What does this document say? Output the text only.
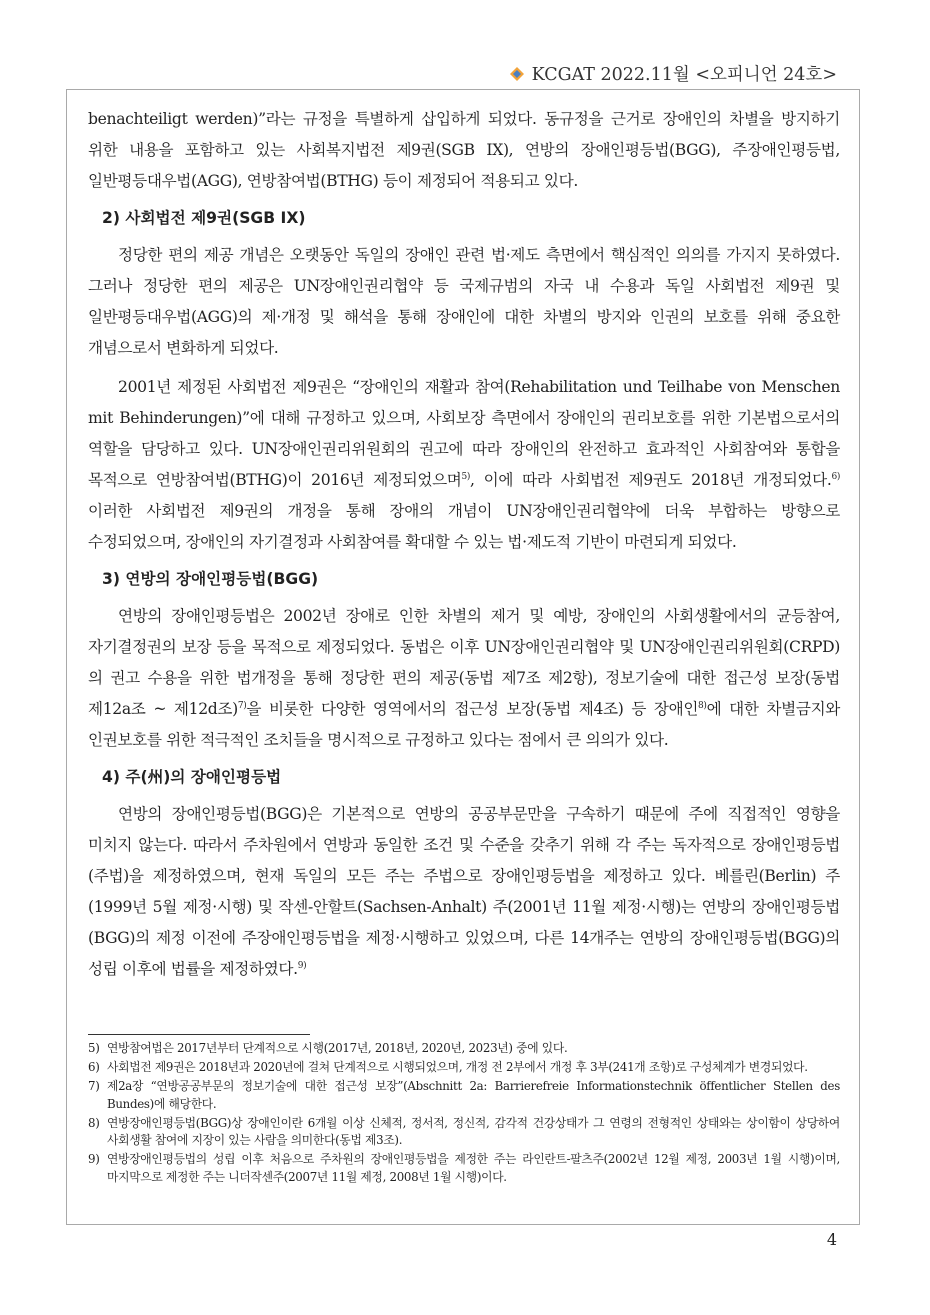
KCGAT 2022.11월 <오피니언 24호>

benachteiligt werden)”라는 규정을 특별하게 삽입하게 되었다. 동규정을 근거로 장애인의 차별을 방지하기 위한 내용을 포함하고 있는 사회복지법전 제9권(SGB IX), 연방의 장애인평등법(BGG), 주장애인평등법, 일반평등대우법(AGG), 연방참여법(BTHG) 등이 제정되어 적용되고 있다.

2) 사회법전 제9권(SGB IX)

정당한 편의 제공 개념은 오랫동안 독일의 장애인 관련 법·제도 측면에서 핵심적인 의의를 가지지 못하였다. 그러나 정당한 편의 제공은 UN장애인권리협약 등 국제규범의 자국 내 수용과 독일 사회법전 제9권 및 일반평등대우법(AGG)의 제·개정 및 해석을 통해 장애인에 대한 차별의 방지와 인권의 보호를 위해 중요한 개념으로서 변화하게 되었다.

2001년 제정된 사회법전 제9권은 “장애인의 재활과 참여(Rehabilitation und Teilhabe von Menschen mit Behinderungen)”에 대해 규정하고 있으며, 사회보장 측면에서 장애인의 권리보호를 위한 기본법으로서의 역할을 담당하고 있다. UN장애인권리위원회의 권고에 따라 장애인의 완전하고 효과적인 사회참여와 통합을 목적으로 연방참여법(BTHG)이 2016년 제정되었으며$^{5)}$, 이에 따라 사회법전 제9권도 2018년 개정되었다.$^{6)}$ 이러한 사회법전 제9권의 개정을 통해 장애의 개념이 UN장애인권리협약에 더욱 부합하는 방향으로 수정되었으며, 장애인의 자기결정과 사회참여를 확대할 수 있는 법·제도적 기반이 마련되게 되었다.

3) 연방의 장애인평등법(BGG)

연방의 장애인평등법은 2002년 장애로 인한 차별의 제거 및 예방, 장애인의 사회생활에서의 균등참여, 자기결정권의 보장 등을 목적으로 제정되었다. 동법은 이후 UN장애인권리협약 및 UN장애인권리위원회(CRPD)의 권고 수용을 위한 법개정을 통해 정당한 편의 제공(동법 제7조 제2항), 정보기술에 대한 접근성 보장(동법 제12a조 ~ 제12d조)$^{7)}$을 비롯한 다양한 영역에서의 접근성 보장(동법 제4조) 등 장애인$^{8)}$에 대한 차별금지와 인권보호를 위한 적극적인 조치들을 명시적으로 규정하고 있다는 점에서 큰 의의가 있다.

4) 주(州)의 장애인평등법

연방의 장애인평등법(BGG)은 기본적으로 연방의 공공부문만을 구속하기 때문에 주에 직접적인 영향을 미치지 않는다. 따라서 주차원에서 연방과 동일한 조건 및 수준을 갖추기 위해 각 주는 독자적으로 장애인평등법(주법)을 제정하였으며, 현재 독일의 모든 주는 주법으로 장애인평등법을 제정하고 있다. 베를린(Berlin) 주(1999년 5월 제정·시행) 및 작센-안할트(Sachsen-Anhalt) 주(2001년 11월 제정·시행)는 연방의 장애인평등법(BGG)의 제정 이전에 주장애인평등법을 제정·시행하고 있었으며, 다른 14개주는 연방의 장애인평등법(BGG)의 성립 이후에 법률을 제정하였다.$^{9)}$

5) 연방참여법은 2017년부터 단계적으로 시행(2017년, 2018년, 2020년, 2023년) 중에 있다.
6) 사회법전 제9권은 2018년과 2020년에 걸쳐 단계적으로 시행되었으며, 개정 전 2부에서 개정 후 3부(241개 조항)로 구성체계가 변경되었다.
7) 제2a장 “연방공공부문의 정보기술에 대한 접근성 보장”(Abschnitt 2a: Barrierefreie Informationstechnik öffentlicher Stellen des Bundes)에 해당한다.
8) 연방장애인평등법(BGG)상 장애인이란 6개월 이상 신체적, 정서적, 정신적, 감각적 건강상태가 그 연령의 전형적인 상태와는 상이함이 상당하여 사회생활 참여에 지장이 있는 사람을 의미한다(동법 제3조).
9) 연방장애인평등법의 성립 이후 처음으로 주차원의 장애인평등법을 제정한 주는 라인란트-팔츠주(2002년 12월 제정, 2003년 1월 시행)이며, 마지막으로 제정한 주는 니더작센주(2007년 11월 제정, 2008년 1월 시행)이다.
4
